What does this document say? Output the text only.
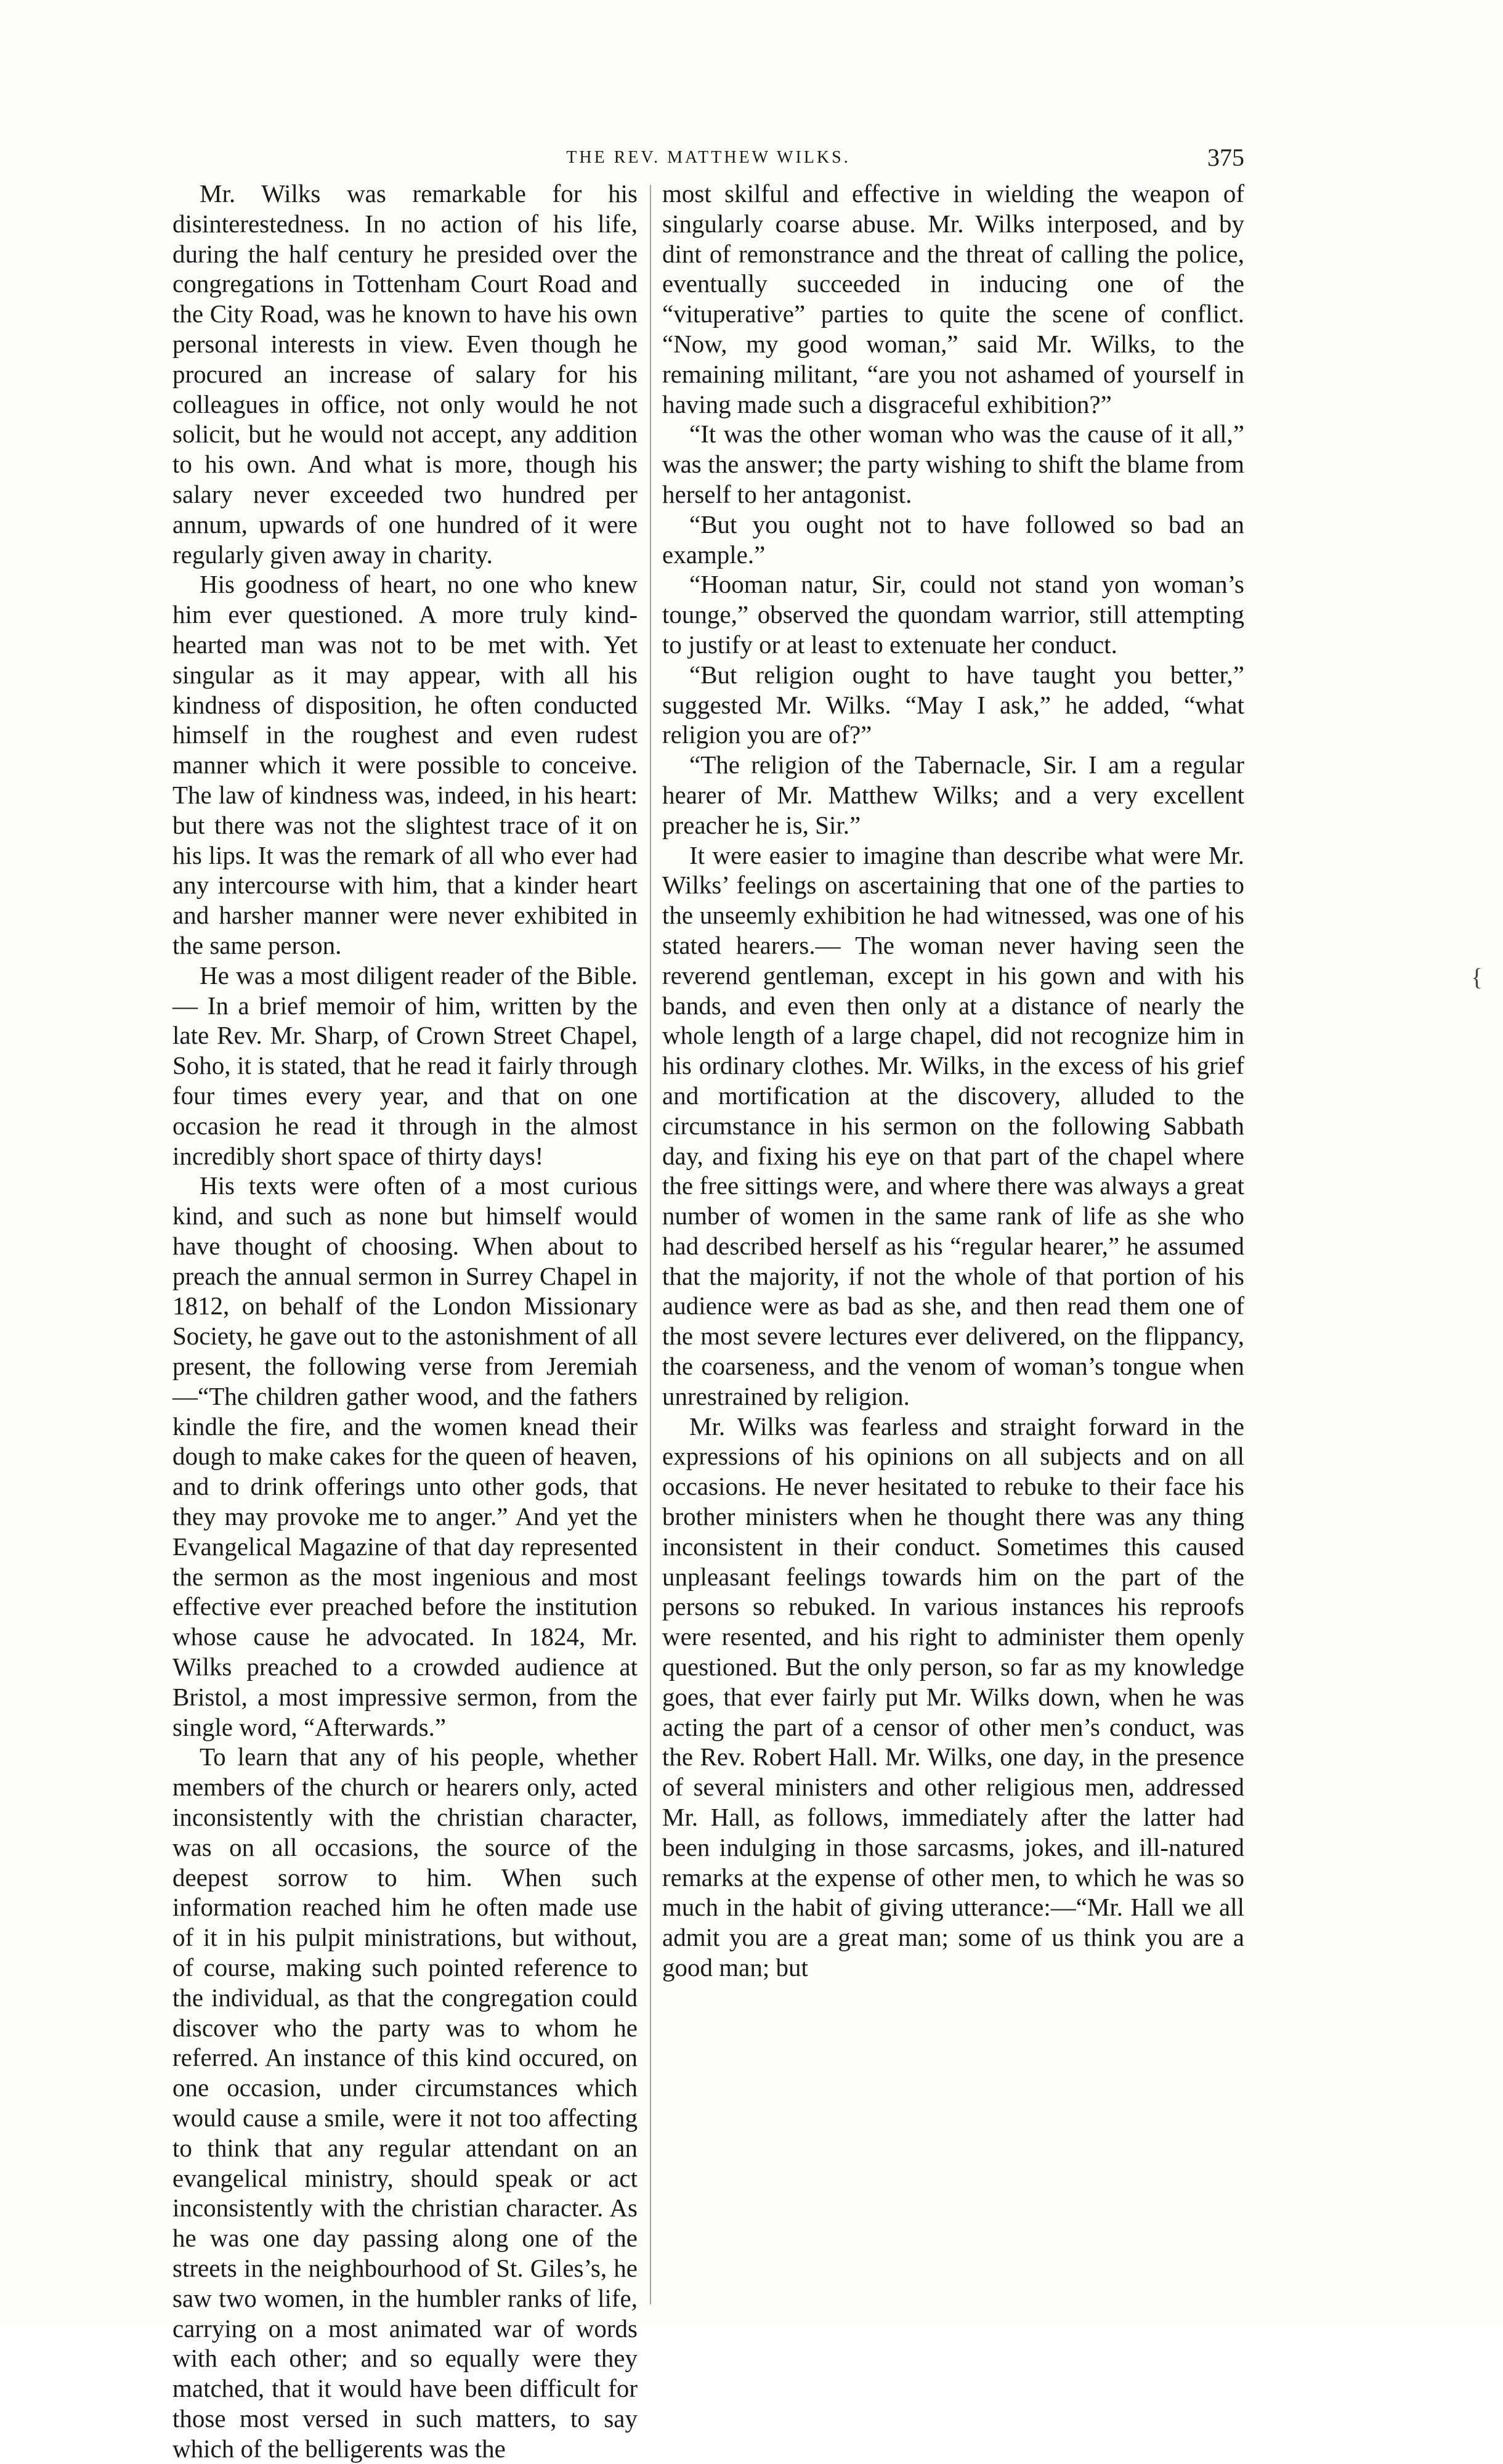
THE REV. MATTHEW WILKS.	375

Mr. Wilks was remarkable for his disinterestedness. In no action of his life, during the half century he presided over the congregations in Tottenham Court Road and the City Road, was he known to have his own personal interests in view. Even though he procured an increase of salary for his colleagues in office, not only would he not solicit, but he would not accept, any addition to his own. And what is more, though his salary never exceeded two hundred per annum, upwards of one hundred of it were regularly given away in charity.

His goodness of heart, no one who knew him ever questioned. A more truly kind-hearted man was not to be met with. Yet singular as it may appear, with all his kindness of disposition, he often conducted himself in the roughest and even rudest manner which it were possible to conceive. The law of kindness was, indeed, in his heart: but there was not the slightest trace of it on his lips. It was the remark of all who ever had any intercourse with him, that a kinder heart and harsher manner were never exhibited in the same person.

He was a most diligent reader of the Bible.— In a brief memoir of him, written by the late Rev. Mr. Sharp, of Crown Street Chapel, Soho, it is stated, that he read it fairly through four times every year, and that on one occasion he read it through in the almost incredibly short space of thirty days!

His texts were often of a most curious kind, and such as none but himself would have thought of choosing. When about to preach the annual sermon in Surrey Chapel in 1812, on behalf of the London Missionary Society, he gave out to the astonishment of all present, the following verse from Jeremiah—“The children gather wood, and the fathers kindle the fire, and the women knead their dough to make cakes for the queen of heaven, and to drink offerings unto other gods, that they may provoke me to anger.” And yet the Evangelical Magazine of that day represented the sermon as the most ingenious and most effective ever preached before the institution whose cause he advocated. In 1824, Mr. Wilks preached to a crowded audience at Bristol, a most impressive sermon, from the single word, “Afterwards.”

To learn that any of his people, whether members of the church or hearers only, acted inconsistently with the christian character, was on all occasions, the source of the deepest sorrow to him. When such information reached him he often made use of it in his pulpit ministrations, but without, of course, making such pointed reference to the individual, as that the congregation could discover who the party was to whom he referred. An instance of this kind occured, on one occasion, under circumstances which would cause a smile, were it not too affecting to think that any regular attendant on an evangelical ministry, should speak or act inconsistently with the christian character. As he was one day passing along one of the streets in the neighbourhood of St. Giles’s, he saw two women, in the humbler ranks of life, carrying on a most animated war of words with each other; and so equally were they matched, that it would have been difficult for those most versed in such matters, to say which of the belligerents was the

most skilful and effective in wielding the weapon of singularly coarse abuse. Mr. Wilks interposed, and by dint of remonstrance and the threat of calling the police, eventually succeeded in inducing one of the “vituperative” parties to quite the scene of conflict. “Now, my good woman,” said Mr. Wilks, to the remaining militant, “are you not ashamed of yourself in having made such a disgraceful exhibition?”

“It was the other woman who was the cause of it all,” was the answer; the party wishing to shift the blame from herself to her antagonist.

“But you ought not to have followed so bad an example.”

“Hooman natur, Sir, could not stand yon woman’s tounge,” observed the quondam warrior, still attempting to justify or at least to extenuate her conduct.

“But religion ought to have taught you better,” suggested Mr. Wilks. “May I ask,” he added, “what religion you are of?”

“The religion of the Tabernacle, Sir. I am a regular hearer of Mr. Matthew Wilks; and a very excellent preacher he is, Sir.”

It were easier to imagine than describe what were Mr. Wilks’ feelings on ascertaining that one of the parties to the unseemly exhibition he had witnessed, was one of his stated hearers.— The woman never having seen the reverend gentleman, except in his gown and with his bands, and even then only at a distance of nearly the whole length of a large chapel, did not recognize him in his ordinary clothes. Mr. Wilks, in the excess of his grief and mortification at the discovery, alluded to the circumstance in his sermon on the following Sabbath day, and fixing his eye on that part of the chapel where the free sittings were, and where there was always a great number of women in the same rank of life as she who had described herself as his “regular hearer,” he assumed that the majority, if not the whole of that portion of his audience were as bad as she, and then read them one of the most severe lectures ever delivered, on the flippancy, the coarseness, and the venom of woman’s tongue when unrestrained by religion.

Mr. Wilks was fearless and straight forward in the expressions of his opinions on all subjects and on all occasions. He never hesitated to rebuke to their face his brother ministers when he thought there was any thing inconsistent in their conduct. Sometimes this caused unpleasant feelings towards him on the part of the persons so rebuked. In various instances his reproofs were resented, and his right to administer them openly questioned. But the only person, so far as my knowledge goes, that ever fairly put Mr. Wilks down, when he was acting the part of a censor of other men’s conduct, was the Rev. Robert Hall. Mr. Wilks, one day, in the presence of several ministers and other religious men, addressed Mr. Hall, as follows, immediately after the latter had been indulging in those sarcasms, jokes, and ill-natured remarks at the expense of other men, to which he was so much in the habit of giving utterance:—“Mr. Hall we all admit you are a great man; some of us think you are a good man; but

{
